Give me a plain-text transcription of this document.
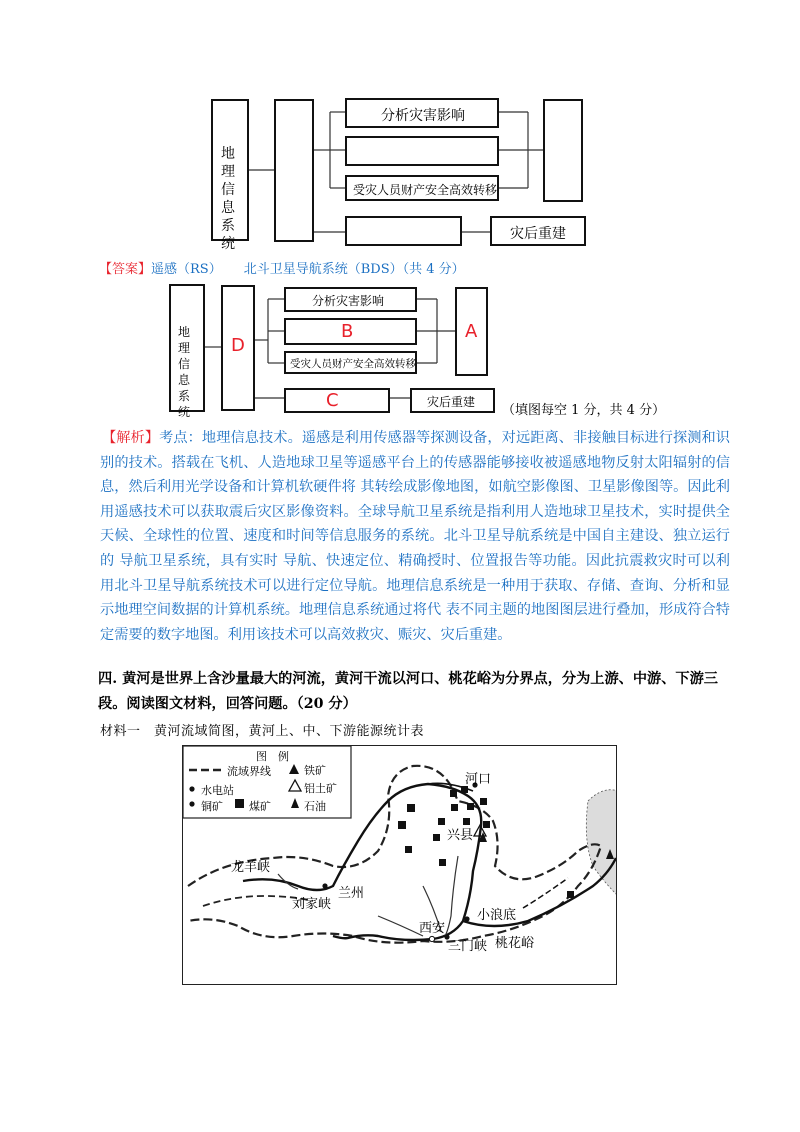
地理信息系统
分析灾害影响
受灾人员财产安全高效转移
灾后重建
【答案】遥感（RS） 北斗卫星导航系统（BDS）（共 4 分）
地理信息系统
D
分析灾害影响
B
受灾人员财产安全高效转移
A
C	灾后重建
（填图每空 1 分，共 4 分）
【解析】考点：地理信息技术。遥感是利用传感器等探测设备，对远距离、非接触目标进行探测和识别的技术。搭载在飞机、人造地球卫星等遥感平台上的传感器能够接收被遥感地物反射太阳辐射的信息，然后利用光学设备和计算机软硬件将 其转绘成影像地图，如航空影像图、卫星影像图等。因此利用遥感技术可以获取震后灾区影像资料。全球导航卫星系统是指利用人造地球卫星技术，实时提供全天候、全球性的位置、速度和时间等信息服务的系统。北斗卫星导航系统是中国自主建设、独立运行的 导航卫星系统，具有实时 导航、快速定位、精确授时、位置报告等功能。因此抗震救灾时可以利用北斗卫星导航系统技术可以进行定位导航。地理信息系统是一种用于获取、存储、查询、分析和显示地理空间数据的计算机系统。地理信息系统通过将代 表不同主题的地图图层进行叠加，形成符合特定需要的数字地图。利用该技术可以高效救灾、赈灾、灾后重建。
四. 黄河是世界上含沙量最大的河流，黄河干流以河口、桃花峪为分界点，分为上游、中游、下游三段。阅读图文材料，回答问题。（20 分）
材料一　黄河流域简图，黄河上、中、下游能源统计表
图　例
流域界线	铁矿
水电站	铝土矿
铜矿 煤矿	石油
河口
兴县
龙羊峡
兰州
刘家峡
小浪底
西安
三门峡 桃花峪
